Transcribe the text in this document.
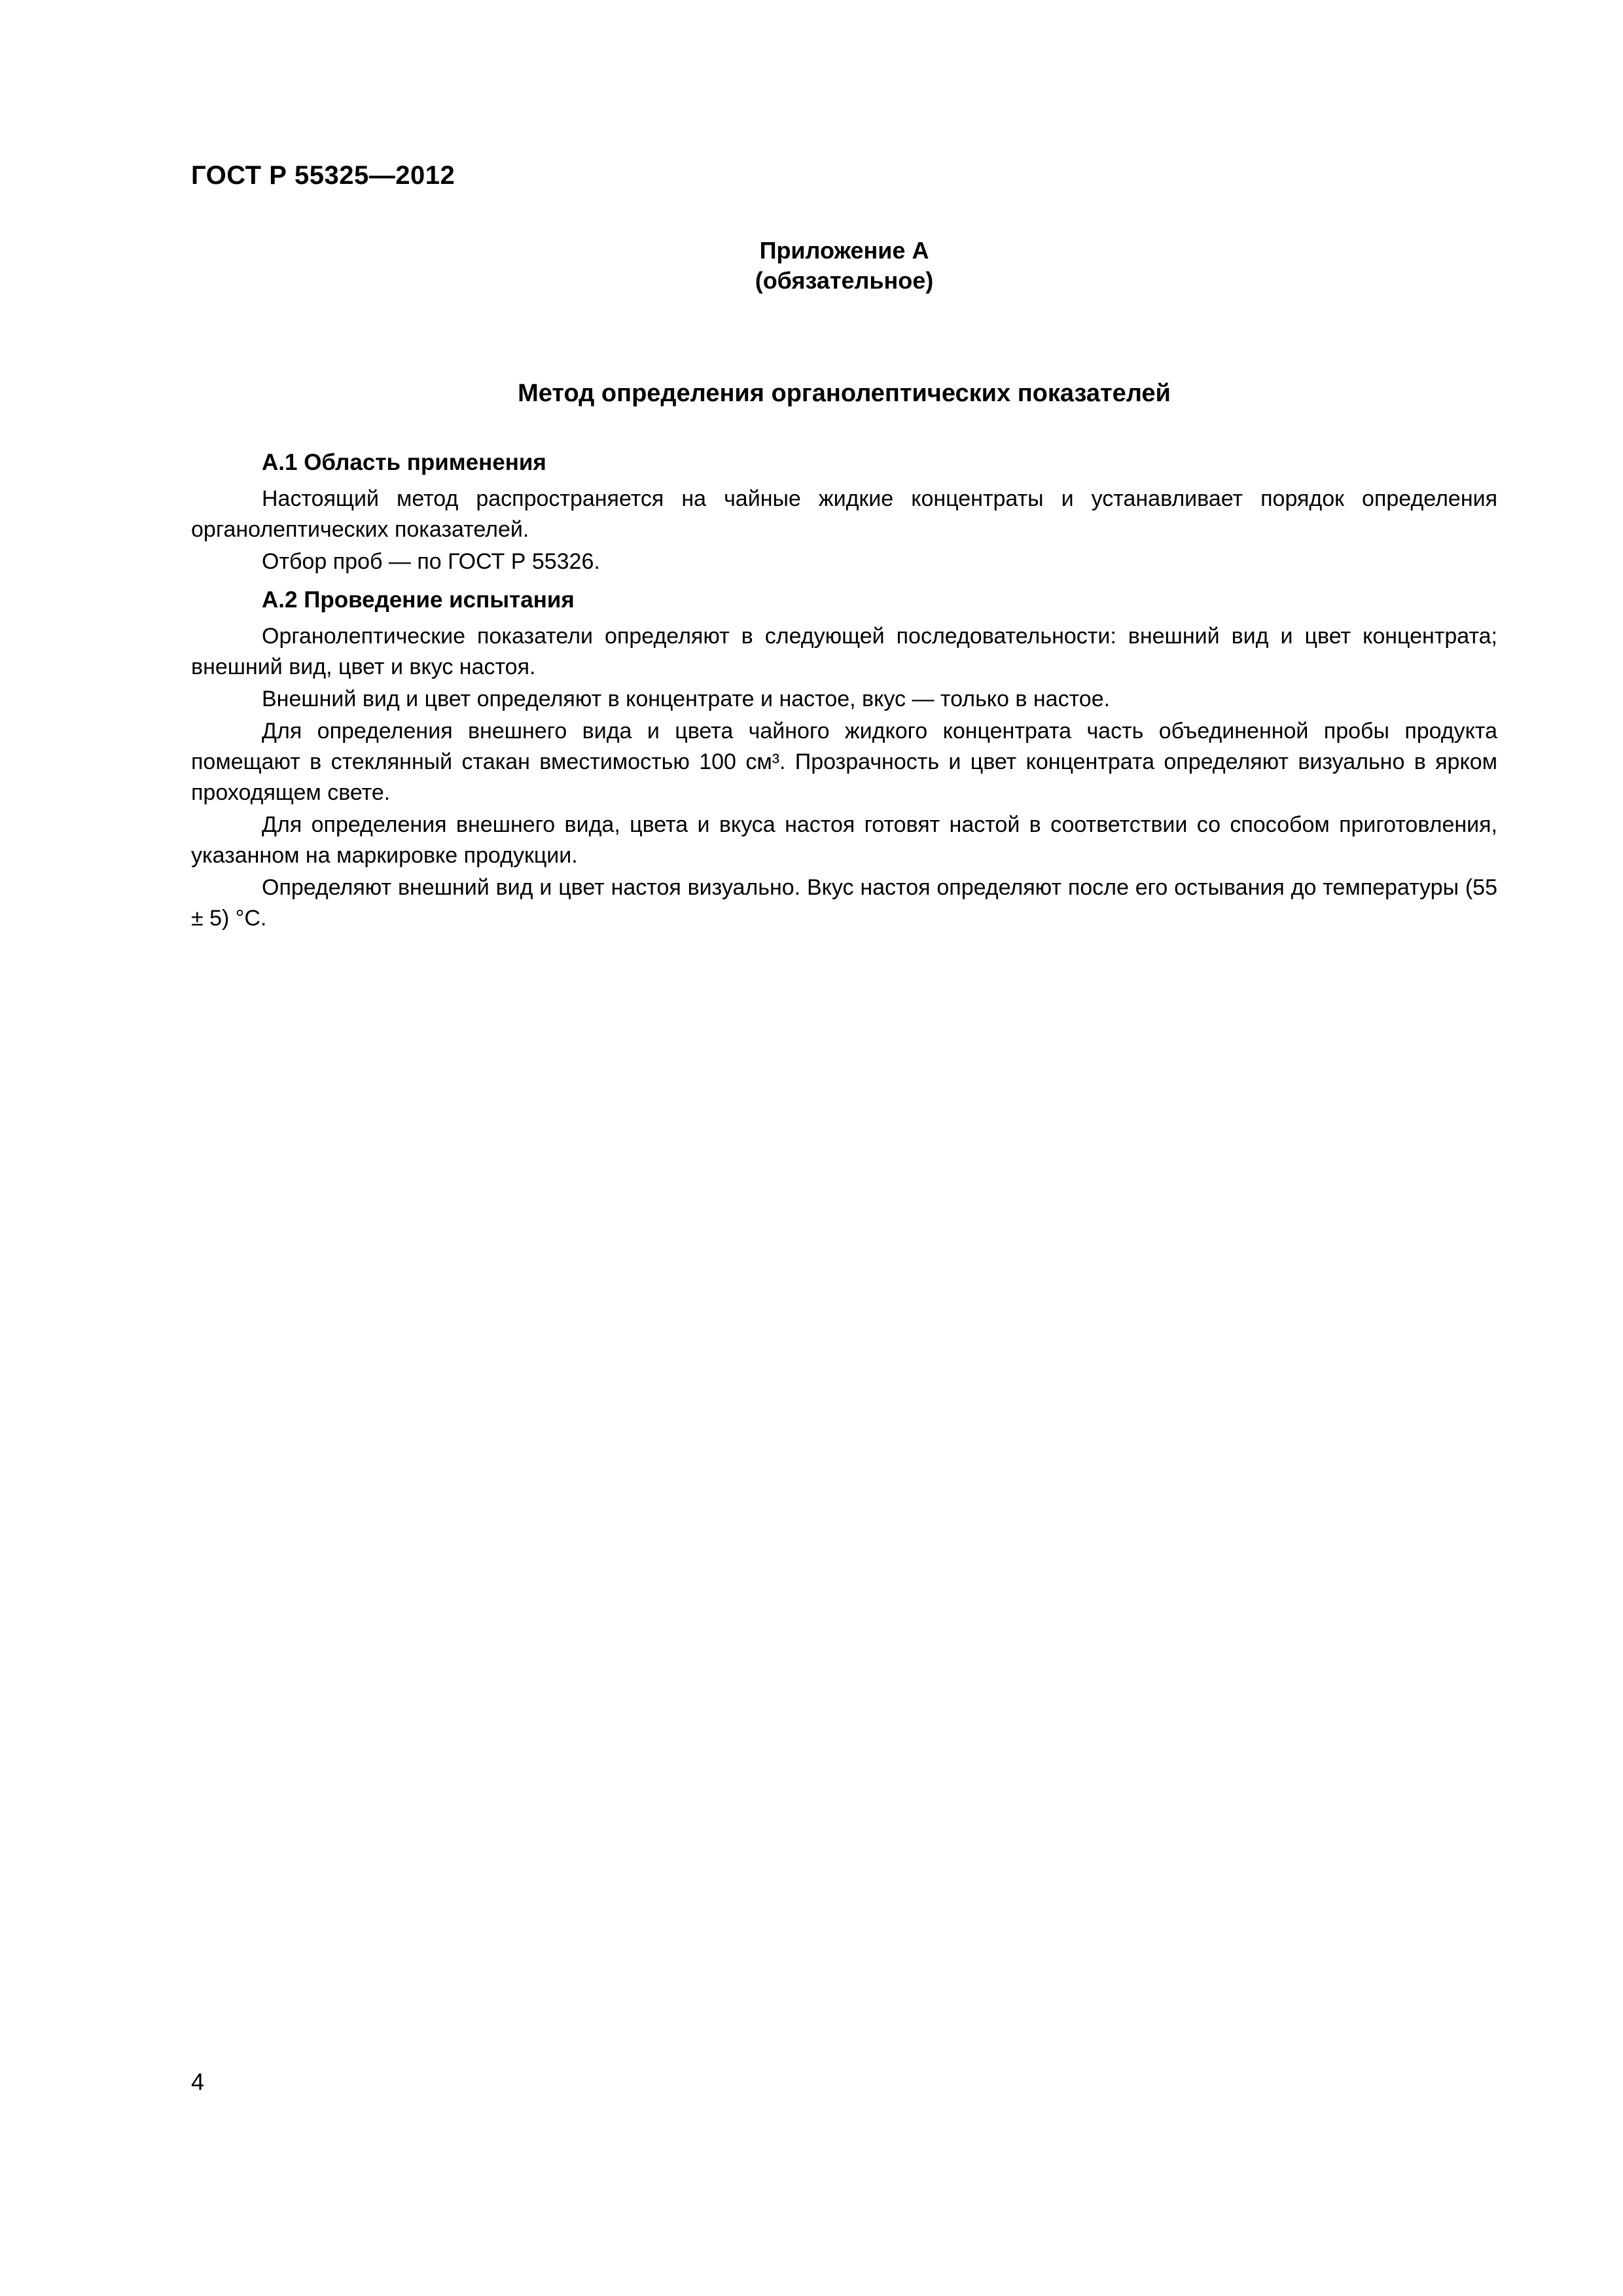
ГОСТ Р 55325—2012
Приложение А
(обязательное)
Метод определения органолептических показателей
А.1 Область применения
Настоящий метод распространяется на чайные жидкие концентраты и устанавливает порядок определения органолептических показателей.
Отбор проб — по ГОСТ Р 55326.
А.2 Проведение испытания
Органолептические показатели определяют в следующей последовательности: внешний вид и цвет концентрата; внешний вид, цвет и вкус настоя.
Внешний вид и цвет определяют в концентрате и настое, вкус — только в настое.
Для определения внешнего вида и цвета чайного жидкого концентрата часть объединенной пробы продукта помещают в стеклянный стакан вместимостью 100 см³. Прозрачность и цвет концентрата определяют визуально в ярком проходящем свете.
Для определения внешнего вида, цвета и вкуса настоя готовят настой в соответствии со способом приготовления, указанном на маркировке продукции.
Определяют внешний вид и цвет настоя визуально. Вкус настоя определяют после его остывания до температуры (55 ± 5) °С.
4
